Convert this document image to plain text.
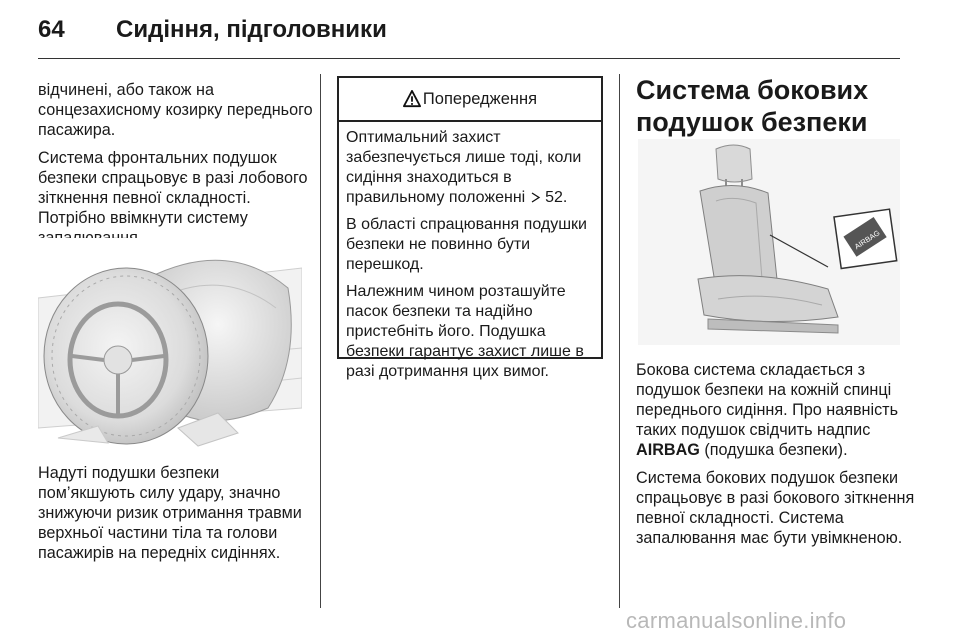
64 Сидіння, підголовники

відчинені, або також на сонцезахисному козирку переднього пасажира.

Система фронтальних подушок безпеки спрацьовує в разі лобового зіткнення певної складності. Потрібно ввімкнути систему

Надуті подушки безпеки пом’якшують силу удару, значно знижуючи ризик отримання травми верхньої частини тіла та голови пасажирів на передніх сидіннях.
Попередження

Оптимальний захист забезпечується лише тоді, коли сидіння знаходиться в правильному положенні 52.

В області спрацювання подушки безпеки не повинно бути перешкод.

Належним чином розташуйте пасок безпеки та надійно пристебніть його. Подушка безпеки гарантує захист лише в разі дотримання цих вимог.

Система бокових подушок безпеки
AIRBAG

Бокова система складається з подушок безпеки на кожній спинці переднього сидіння. Про наявність таких подушок свідчить надпис AIRBAG (подушка безпеки).

Система бокових подушок безпеки спрацьовує в разі бокового зіткнення певної складності. Система запалювання має бути увімкненою.

carmanualsonline.info
